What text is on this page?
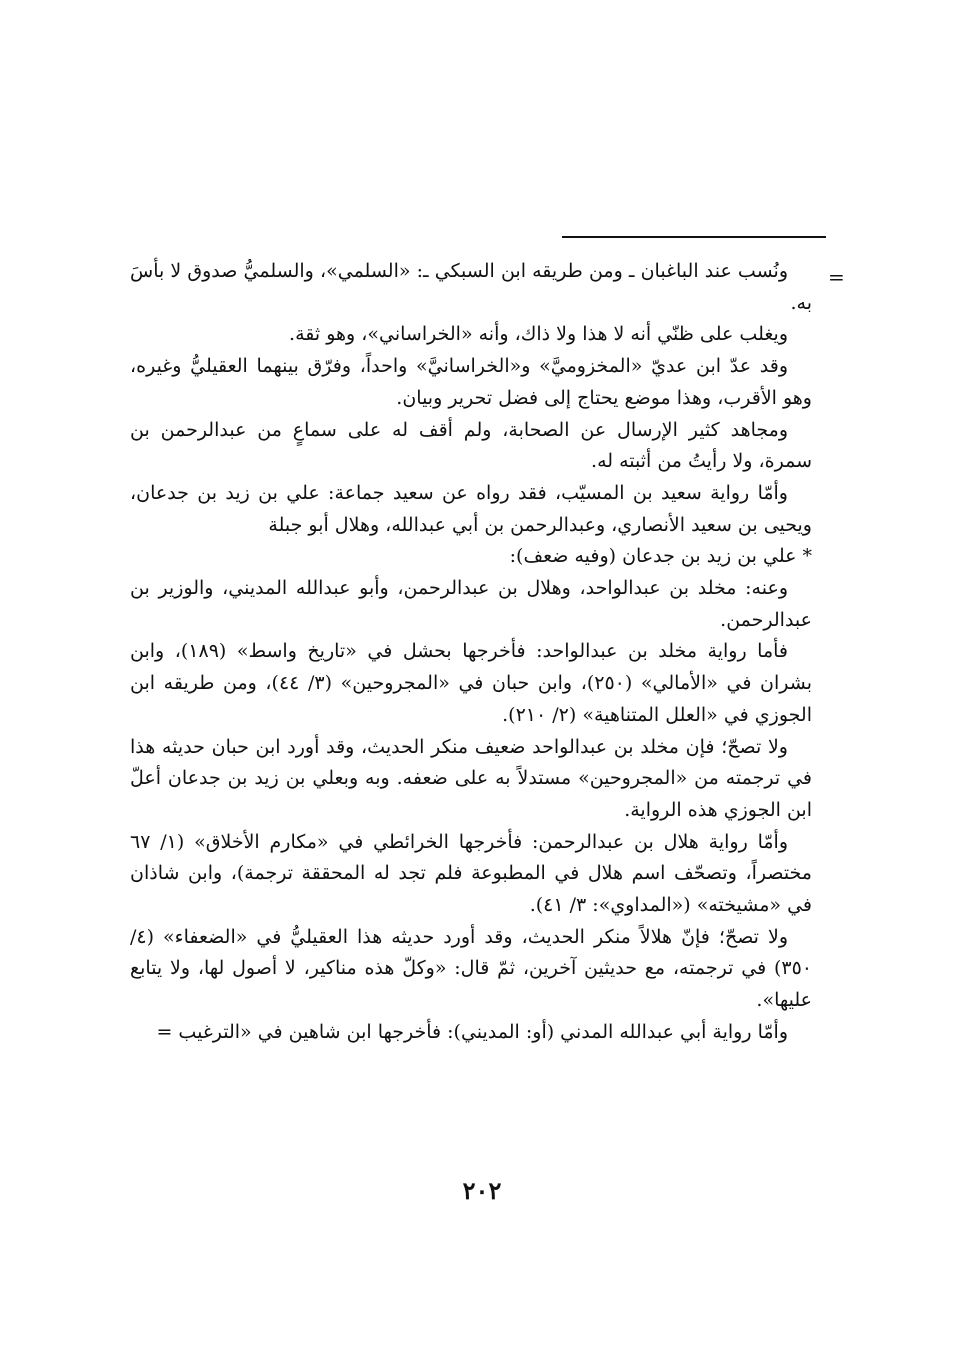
=

ونُسب عند الباغبان ـ ومن طريقه ابن السبكي ـ: «السلمي»، والسلميُّ صدوق لا بأسَ به.

ويغلب على ظنّي أنه لا هذا ولا ذاك، وأنه «الخراساني»، وهو ثقة.

وقد عدّ ابن عديّ «المخزوميَّ» و«الخراسانيَّ» واحداً، وفرّق بينهما العقيليُّ وغيره، وهو الأقرب، وهذا موضع يحتاج إلى فضل تحرير وبيان.

ومجاهد كثير الإرسال عن الصحابة، ولم أقف له على سماعٍ من عبدالرحمن بن سمرة، ولا رأيتُ من أثبته له.

وأمّا رواية سعيد بن المسيّب، فقد رواه عن سعيد جماعة: علي بن زيد بن جدعان، ويحيى بن سعيد الأنصاري، وعبدالرحمن بن أبي عبدالله، وهلال أبو جبلة

* علي بن زيد بن جدعان (وفيه ضعف):

وعنه: مخلد بن عبدالواحد، وهلال بن عبدالرحمن، وأبو عبدالله المديني، والوزير بن عبدالرحمن.

فأما رواية مخلد بن عبدالواحد: فأخرجها بحشل في «تاريخ واسط» (١٨٩)، وابن بشران في «الأمالي» (٢٥٠)، وابن حبان في «المجروحين» (٣/ ٤٤)، ومن طريقه ابن الجوزي في «العلل المتناهية» (٢/ ٢١٠).

ولا تصحّ؛ فإن مخلد بن عبدالواحد ضعيف منكر الحديث، وقد أورد ابن حبان حديثه هذا في ترجمته من «المجروحين» مستدلاً به على ضعفه. وبه وبعلي بن زيد بن جدعان أعلّ ابن الجوزي هذه الرواية.

وأمّا رواية هلال بن عبدالرحمن: فأخرجها الخرائطي في «مكارم الأخلاق» (١/ ٦٧ مختصراً، وتصحّف اسم هلال في المطبوعة فلم تجد له المحققة ترجمة)، وابن شاذان في «مشيخته» («المداوي»: ٣/ ٤١).

ولا تصحّ؛ فإنّ هلالاً منكر الحديث، وقد أورد حديثه هذا العقيليُّ في «الضعفاء» (٤/ ٣٥٠) في ترجمته، مع حديثين آخرين، ثمّ قال: «وكلّ هذه مناكير، لا أصول لها، ولا يتابع عليها».

وأمّا رواية أبي عبدالله المدني (أو: المديني): فأخرجها ابن شاهين في «الترغيب =

٢٠٢
